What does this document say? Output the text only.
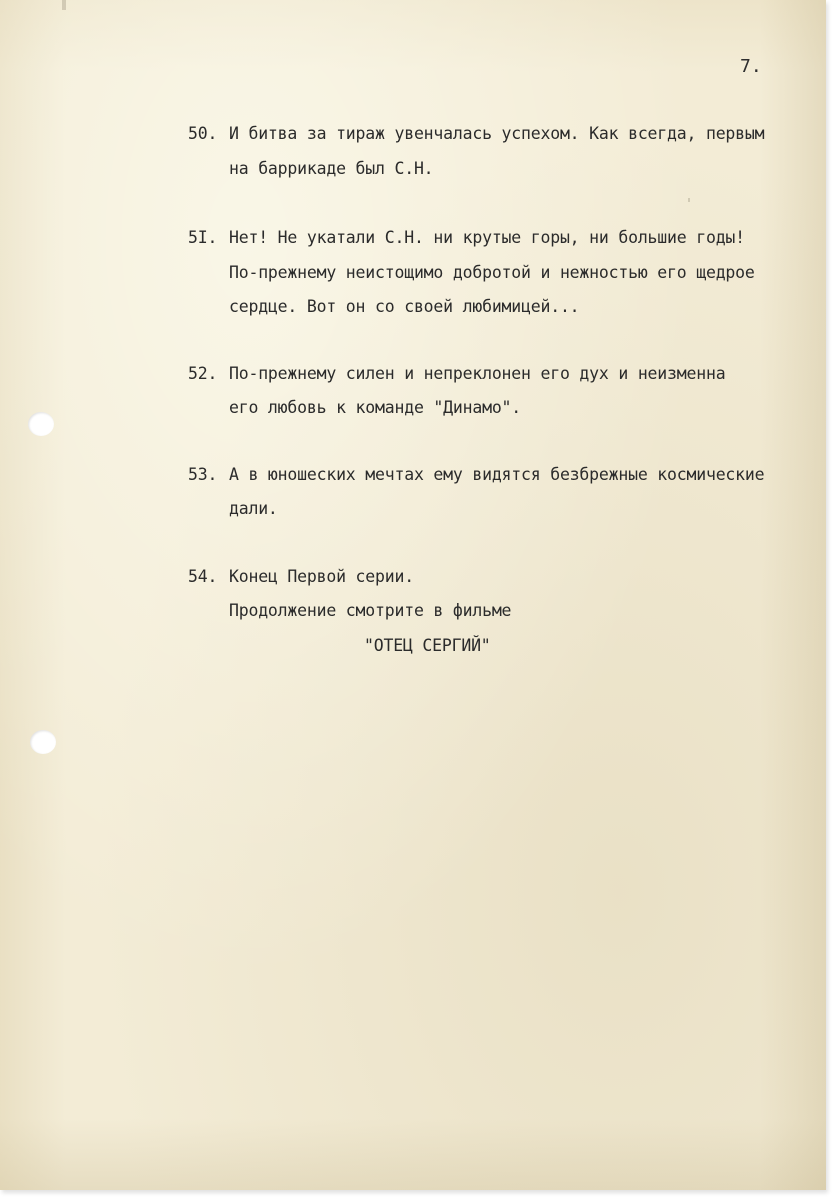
7.
50. И битва за тираж увенчалась успехом. Как всегда, первым
на баррикаде был С.Н.
5I. Нет! Не укатали С.Н. ни крутые горы, ни большие годы!
По-прежнему неистощимо добротой и нежностью его щедрое
сердце. Вот он со своей любимицей...
52. По-прежнему силен и непреклонен его дух и неизменна
его любовь к команде "Динамо".
53. А в юношеских мечтах ему видятся безбрежные космические
дали.
54. Конец Первой серии.
Продолжение смотрите в фильме
"ОТЕЦ СЕРГИЙ"
